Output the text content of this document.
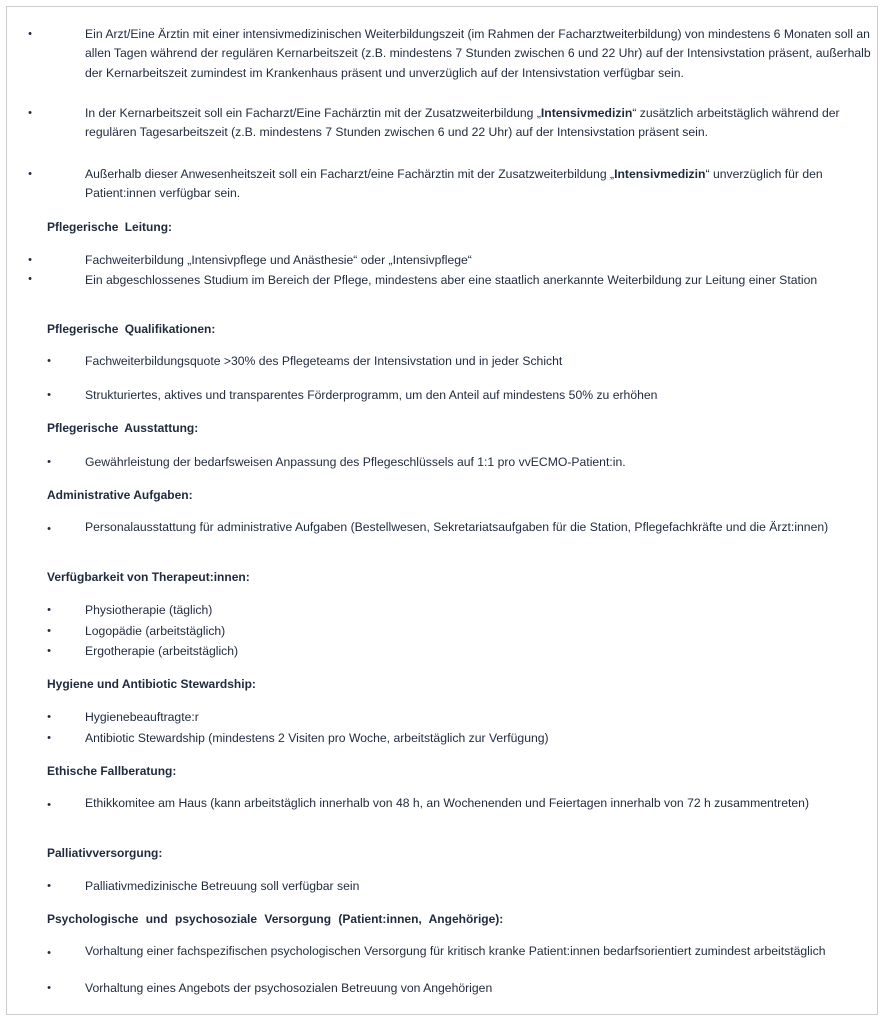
•	Ein Arzt/Eine Ärztin mit einer intensivmedizinischen Weiterbildungszeit (im Rahmen der Facharztweiterbildung) von mindestens 6 Monaten soll an allen Tagen während der regulären Kernarbeitszeit (z.B. mindestens 7 Stunden zwischen 6 und 22 Uhr) auf der Intensivstation präsent, außerhalb der Kernarbeitszeit zumindest im Krankenhaus präsent und unverzüglich auf der Intensivstation verfügbar sein.
•	In der Kernarbeitszeit soll ein Facharzt/Eine Fachärztin mit der Zusatzweiterbildung „Intensivmedizin“ zusätzlich arbeitstäglich während der regulären Tagesarbeitszeit (z.B. mindestens 7 Stunden zwischen 6 und 22 Uhr) auf der Intensivstation präsent sein.
•	Außerhalb dieser Anwesenheitszeit soll ein Facharzt/eine Fachärztin mit der Zusatzweiterbildung „Intensivmedizin“ unverzüglich für den Patient:innen verfügbar sein.
Pflegerische Leitung:
•	Fachweiterbildung „Intensivpflege und Anästhesie“ oder „Intensivpflege“
•	Ein abgeschlossenes Studium im Bereich der Pflege, mindestens aber eine staatlich anerkannte Weiterbildung zur Leitung einer Station
Pflegerische Qualifikationen:
•	Fachweiterbildungsquote >30% des Pflegeteams der Intensivstation und in jeder Schicht
•	Strukturiertes, aktives und transparentes Förderprogramm, um den Anteil auf mindestens 50% zu erhöhen
Pflegerische Ausstattung:
•	Gewährleistung der bedarfsweisen Anpassung des Pflegeschlüssels auf 1:1 pro vvECMO-Patient:in.
Administrative Aufgaben:
•	Personalausstattung für administrative Aufgaben (Bestellwesen, Sekretariatsaufgaben für die Station, Pflegefachkräfte und die Ärzt:innen)
Verfügbarkeit von Therapeut:innen:
•	Physiotherapie (täglich)
•	Logopädie (arbeitstäglich)
•	Ergotherapie (arbeitstäglich)
Hygiene und Antibiotic Stewardship:
•	Hygienebeauftragte:r
•	Antibiotic Stewardship (mindestens 2 Visiten pro Woche, arbeitstäglich zur Verfügung)
Ethische Fallberatung:
•	Ethikkomitee am Haus (kann arbeitstäglich innerhalb von 48 h, an Wochenenden und Feiertagen innerhalb von 72 h zusammentreten)
Palliativversorgung:
•	Palliativmedizinische Betreuung soll verfügbar sein
Psychologische und psychosoziale Versorgung (Patient:innen, Angehörige):
•	Vorhaltung einer fachspezifischen psychologischen Versorgung für kritisch kranke Patient:innen bedarfsorientiert zumindest arbeitstäglich
•	Vorhaltung eines Angebots der psychosozialen Betreuung von Angehörigen
